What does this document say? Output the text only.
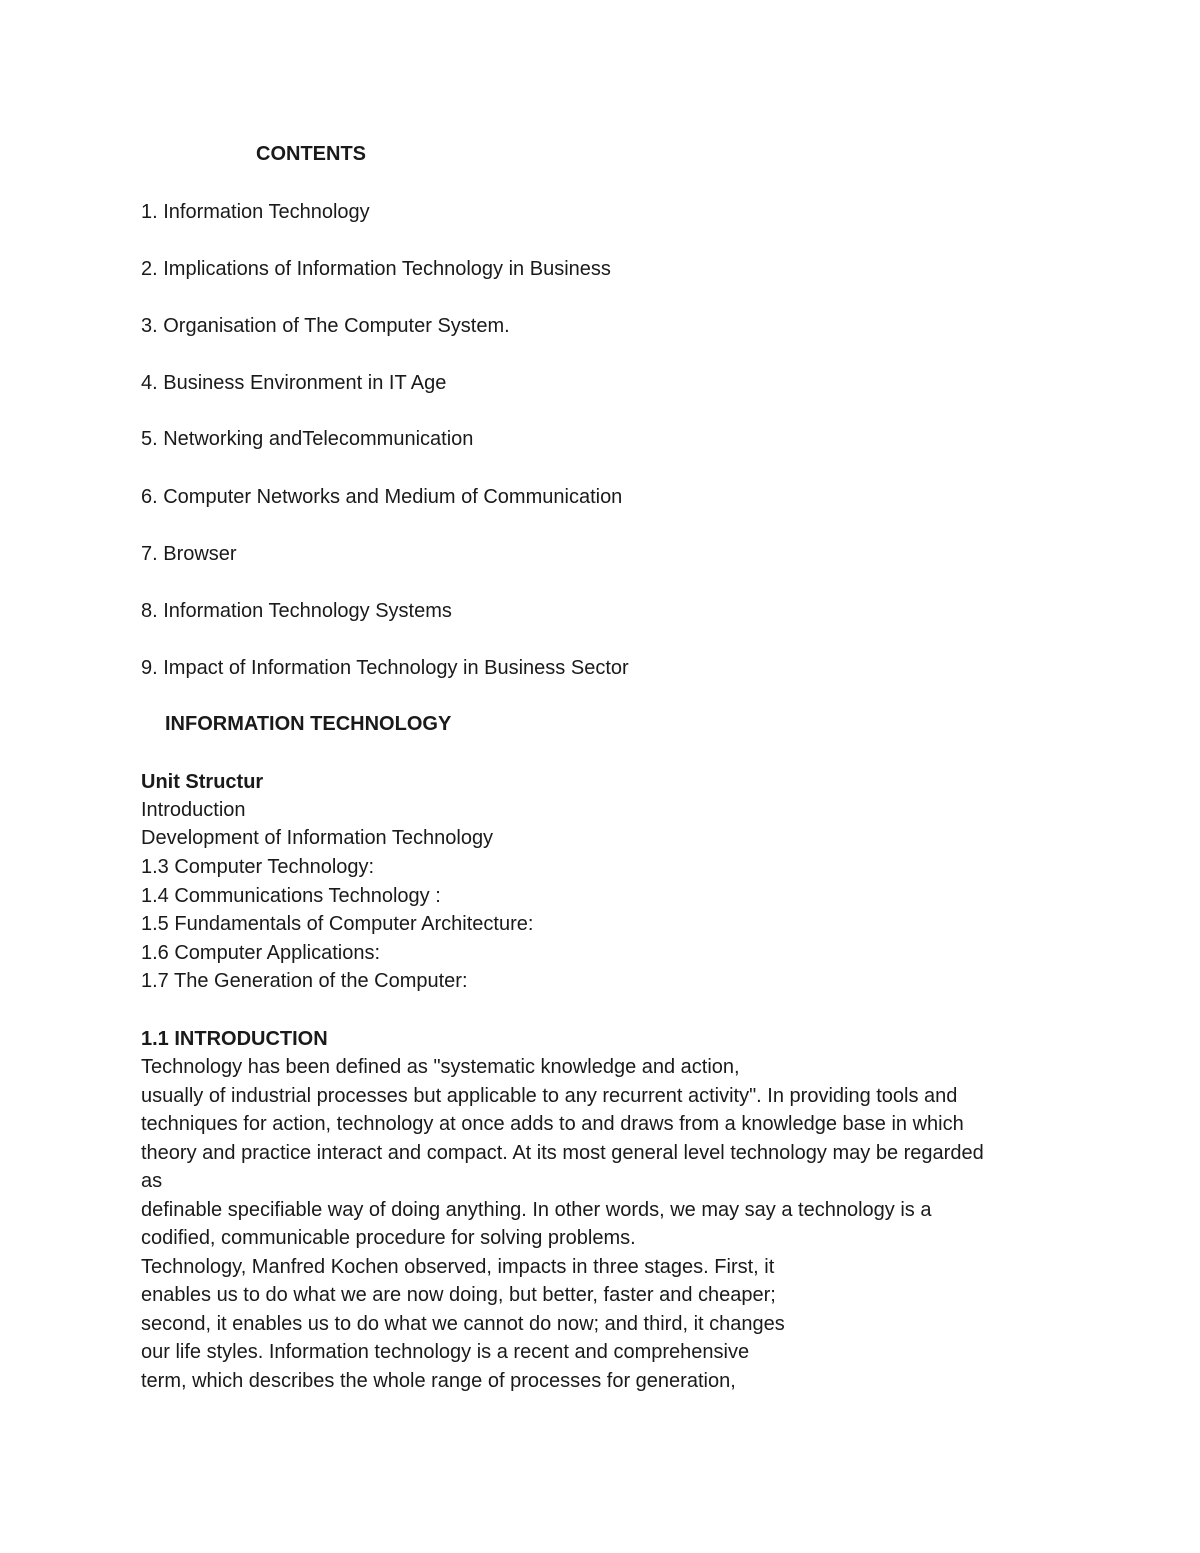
CONTENTS
1. Information Technology
2. Implications of Information Technology in Business
3. Organisation of The Computer System.
4. Business Environment in IT Age
5. Networking andTelecommunication
6. Computer Networks and Medium of Communication
7. Browser
8. Information Technology Systems
9. Impact of Information Technology in Business Sector
INFORMATION TECHNOLOGY
Unit Structur
Introduction
Development of Information Technology
1.3 Computer Technology:
1.4 Communications Technology :
1.5 Fundamentals of Computer Architecture:
1.6 Computer Applications:
1.7 The Generation of the Computer:
1.1 INTRODUCTION
Technology has been defined as "systematic knowledge and action,
usually of industrial processes but applicable to any recurrent activity". In providing tools and
techniques for action, technology at once adds to and draws from a knowledge base in which
theory and practice interact and compact. At its most general level technology may be regarded
as
definable specifiable way of doing anything. In other words, we may say a technology is a
codified, communicable procedure for solving problems.
Technology, Manfred Kochen observed, impacts in three stages. First, it
enables us to do what we are now doing, but better, faster and cheaper;
second, it enables us to do what we cannot do now; and third, it changes
our life styles. Information technology is a recent and comprehensive
term, which describes the whole range of processes for generation,
